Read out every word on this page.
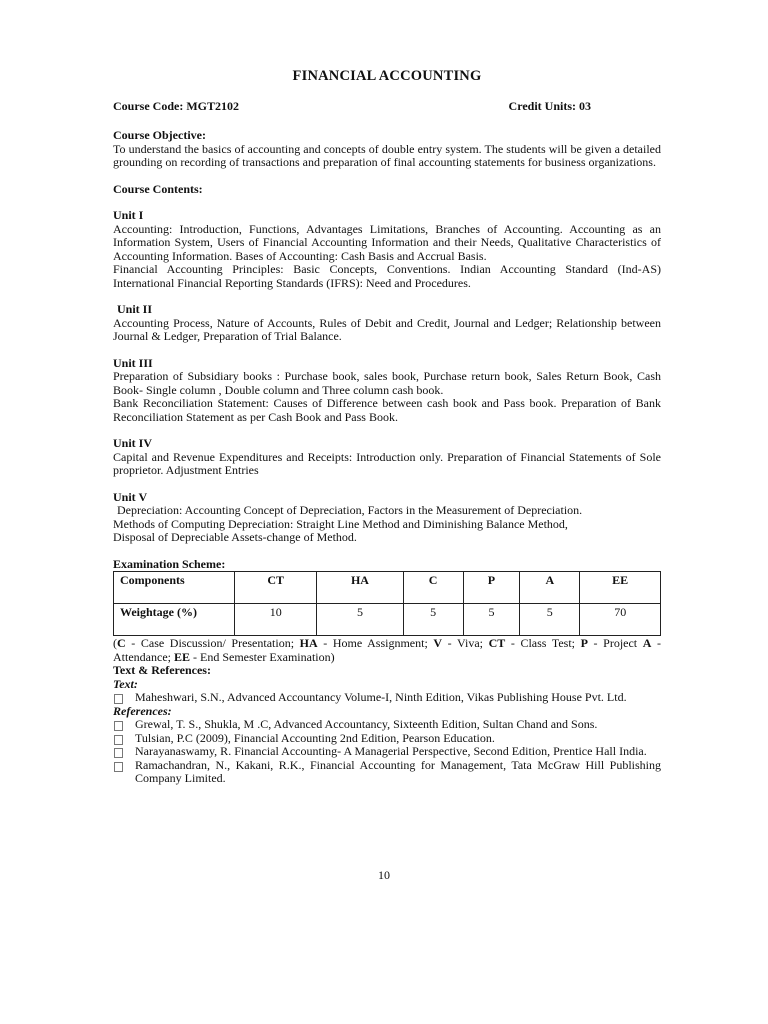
FINANCIAL ACCOUNTING
Course Code: MGT2102	Credit Units: 03
Course Objective:
To understand the basics of accounting and concepts of double entry system. The students will be given a detailed grounding on recording of transactions and preparation of final accounting statements for business organizations.
Course Contents:
Unit I
Accounting: Introduction, Functions, Advantages Limitations, Branches of Accounting. Accounting as an Information System, Users of Financial Accounting Information and their Needs, Qualitative Characteristics of Accounting Information. Bases of Accounting: Cash Basis and Accrual Basis.
Financial Accounting Principles: Basic Concepts, Conventions. Indian Accounting Standard (Ind-AS) International Financial Reporting Standards (IFRS): Need and Procedures.
Unit II
Accounting Process, Nature of Accounts, Rules of Debit and Credit, Journal and Ledger; Relationship between Journal & Ledger, Preparation of Trial Balance.
Unit III
Preparation of Subsidiary books : Purchase book, sales book, Purchase return book, Sales Return Book, Cash Book- Single column , Double column and Three column cash book.
Bank Reconciliation Statement: Causes of Difference between cash book and Pass book. Preparation of Bank Reconciliation Statement as per Cash Book and Pass Book.
Unit IV
Capital and Revenue Expenditures and Receipts: Introduction only. Preparation of Financial Statements of Sole proprietor. Adjustment Entries
Unit V
Depreciation: Accounting Concept of Depreciation, Factors in the Measurement of Depreciation.
Methods of Computing Depreciation: Straight Line Method and Diminishing Balance Method,
Disposal of Depreciable Assets-change of Method.
Examination Scheme:
Components	CT	HA	C	P	A	EE
Weightage (%)	10	5	5	5	5	70
(C - Case Discussion/ Presentation; HA - Home Assignment; V - Viva; CT - Class Test; P - Project A - Attendance; EE - End Semester Examination)
Text & References:
Text:
Maheshwari, S.N., Advanced Accountancy Volume-I, Ninth Edition, Vikas Publishing House Pvt. Ltd.
References:
Grewal, T. S., Shukla, M .C, Advanced Accountancy, Sixteenth Edition, Sultan Chand and Sons.
Tulsian, P.C (2009), Financial Accounting 2nd Edition, Pearson Education.
Narayanaswamy, R. Financial Accounting- A Managerial Perspective, Second Edition, Prentice Hall India.
Ramachandran, N., Kakani, R.K., Financial Accounting for Management, Tata McGraw Hill Publishing Company Limited.
10
